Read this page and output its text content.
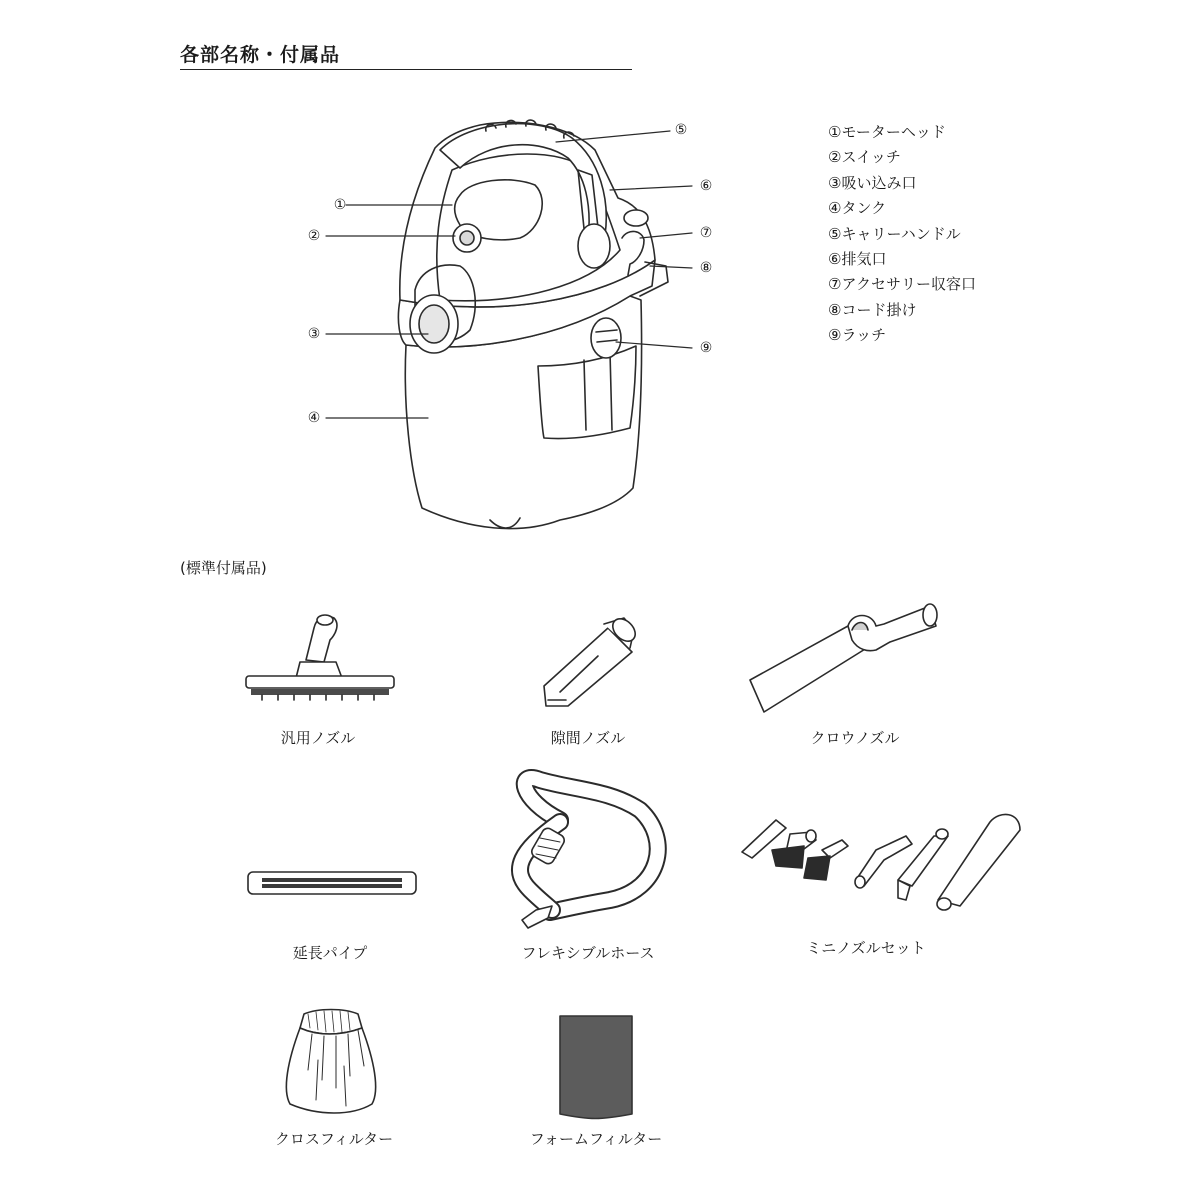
各部名称・付属品
①
②
③
④
⑤
⑥
⑦
⑧
⑨
①モーターヘッド
②スイッチ
③吸い込み口
④タンク
⑤キャリーハンドル
⑥排気口
⑦アクセサリー収容口
⑧コード掛け
⑨ラッチ
(標準付属品)
汎用ノズル	隙間ノズル	クロウノズル
延長パイプ	フレキシブルホース	ミニノズルセット
クロスフィルター	フォームフィルター
